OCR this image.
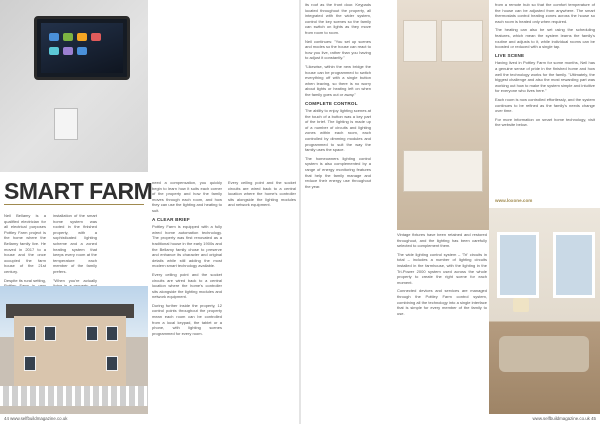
SMART FARM

Neil Bellamy is a qualified electrician for all electrical purposes Pottley Farm project is the home where the Bellamy family live. He moved in 2017 to a house and the once occupied the farm house of the 21st century.

Despite its rural setting,

installation of the smart home system was rooted in the finished property, with a sophisticated lighting scheme and a zoned heating system that keeps every room at the temperature each member of the family prefers.

"When you're actually

need a compensation, you quickly begin to learn how it suits each corner of the property and how the family moves through each room, and how they can use the lighting and heating to suit.

A CLEAR BRIEF

Pottley Farm is equipped with a fully wired home automation technology. The property was first renovated as a traditional house in the early 1900s and the Bellamy family chose to preserve and enhance its character and original details while still adding the most modern smart technology available.

Every ceiling point and the socket circuits are wired back to a central location where the home's controller sits alongside the lighting modules and network equipment.

During further inside the property, 12 control points throughout the property mean each room can be controlled from a local keypad, the tablet or a phone, with lighting scenes programmed for every room.

Every ceiling point and the socket circuits are wired back to a central location where the home's controller sits alongside the lighting modules and network equipment.

44 www.selfbuildmagazine.co.uk

its roof as the front door. Keypads located throughout the property, all integrated with the wider system, control the key scenes so the family can switch on lights as they move from room to room.

Neil continues: "You set up scenes and modes so the house can react to how you live, rather than you having to adjust it constantly."

"Likewise, within the new bridge the house can be programmed to switch everything off with a single button when leaving, so there is no worry about lights or heating left on when the family goes out or away."

COMPLETE CONTROL

The ability to enjoy lighting scenes at the touch of a button was a key part of the brief. The lighting is made up of a number of circuits and lighting zones within each room, each controlled by dimming modules and programmed to suit the way the family uses the space.

The homeowners lighting control system is also complemented by a range of energy monitoring features that help the family manage and reduce their energy use throughout the year.

Vintage fixtures have been retained and restored throughout, and the lighting has been carefully selected to complement them.

The wide lighting control system – 'Tri' circuits in total – includes a number of lighting circuits installed in the farmhouse, with the lighting in the Tri-Power 2000 system used across the whole property to create the right scene for each moment.

Connected devices and services are managed through the Pottley Farm control system, combining all the technology into a single interface that is simple for every member of the family to use.

from a remote hub so that the comfort temperature of the house can be adjusted from anywhere. The smart thermostats control heating zones across the house so each room is heated only when required.

The heating can also be set using the scheduling features, which mean the system learns the family's routine and adjusts to it, while individual rooms can be boosted or reduced with a single tap.

LIVE SCENE

Having lived in Pottley Farm for some months, Neil has a genuine sense of pride in the finished home and how well the technology works for the family. "Ultimately, the biggest challenge and also the most rewarding part was working out how to make the system simple and intuitive for everyone who lives here."

Each room is now controlled effortlessly, and the system continues to be refined as the family's needs change over time.

For more information on smart home technology, visit the website below.

www.loxone.com
www.selfbuildmagazine.co.uk 45
